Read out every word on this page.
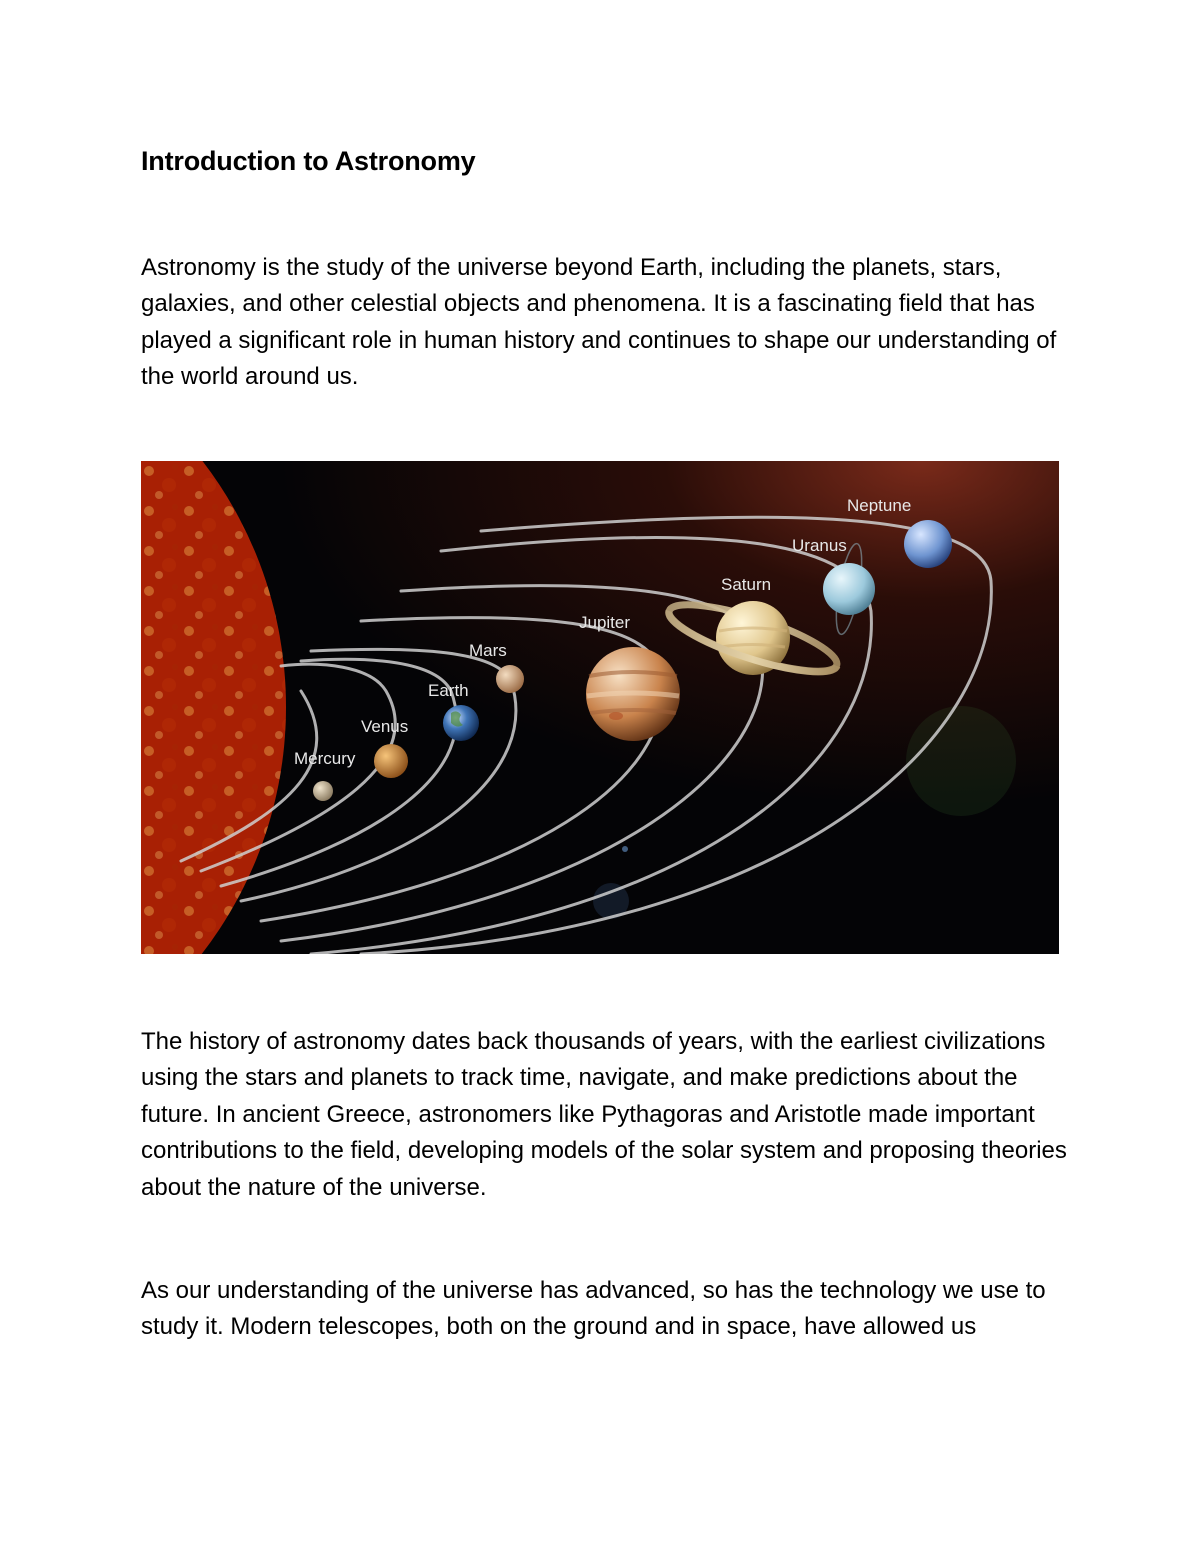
Introduction to Astronomy

Astronomy is the study of the universe beyond Earth, including the planets, stars, galaxies, and other celestial objects and phenomena. It is a fascinating field that has played a significant role in human history and continues to shape our understanding of the world around us.

Mercury
Venus
Earth
Mars
Jupiter
Saturn
Uranus
Neptune

The history of astronomy dates back thousands of years, with the earliest civilizations using the stars and planets to track time, navigate, and make predictions about the future. In ancient Greece, astronomers like Pythagoras and Aristotle made important contributions to the field, developing models of the solar system and proposing theories about the nature of the universe.

As our understanding of the universe has advanced, so has the technology we use to study it. Modern telescopes, both on the ground and in space, have allowed us
